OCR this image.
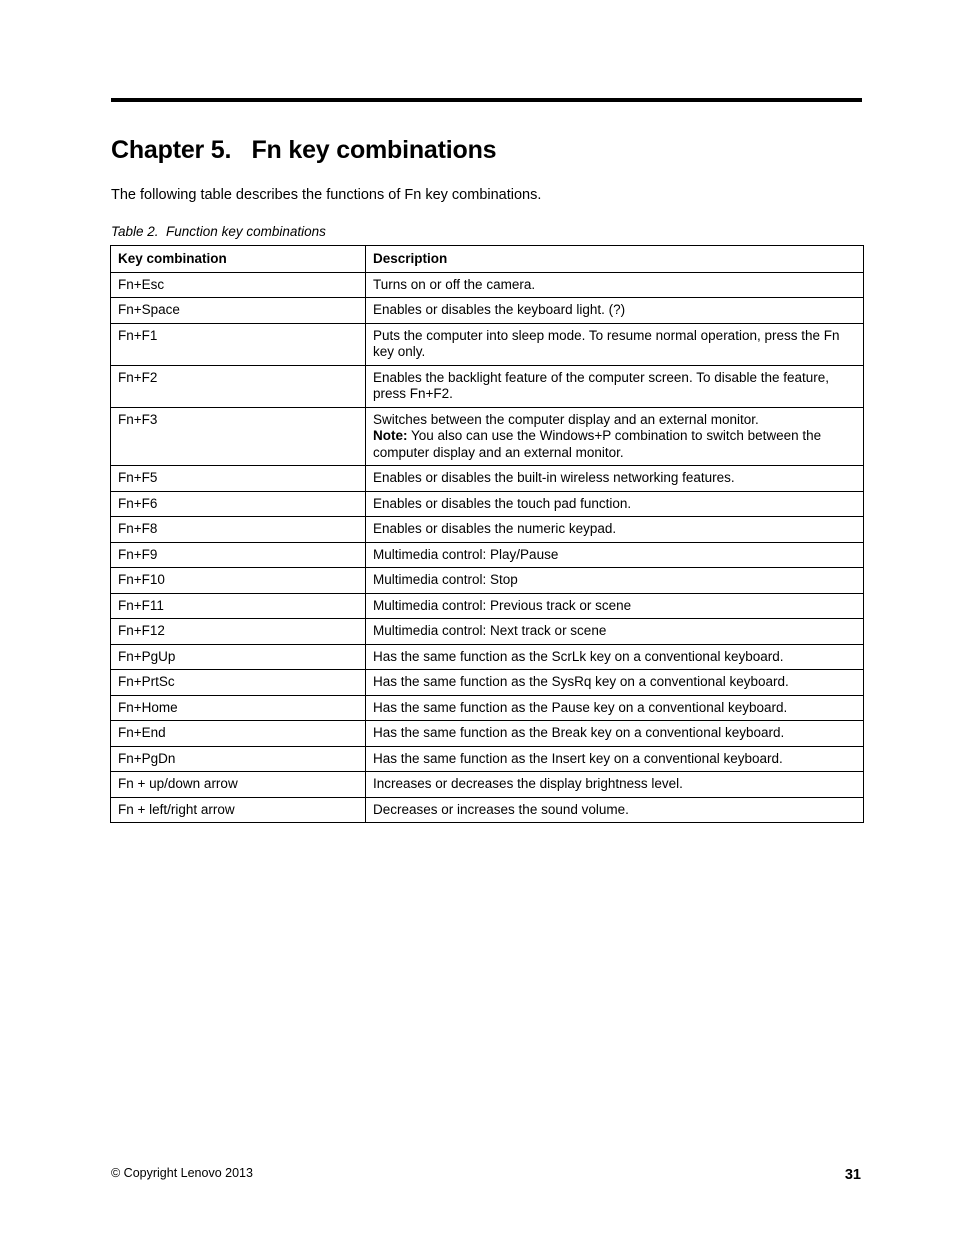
Chapter 5.   Fn key combinations
The following table describes the functions of Fn key combinations.
Table 2.  Function key combinations
Key combination	Description
Fn+Esc	Turns on or off the camera.
Fn+Space	Enables or disables the keyboard light. (?)
Fn+F1	Puts the computer into sleep mode. To resume normal operation, press the Fn key only.
Fn+F2	Enables the backlight feature of the computer screen. To disable the feature, press Fn+F2.
Fn+F3	Switches between the computer display and an external monitor.
Note: You also can use the Windows+P combination to switch between the computer display and an external monitor.

Fn+F5	Enables or disables the built-in wireless networking features.
Fn+F6	Enables or disables the touch pad function.
Fn+F8	Enables or disables the numeric keypad.
Fn+F9	Multimedia control: Play/Pause
Fn+F10	Multimedia control: Stop
Fn+F11	Multimedia control: Previous track or scene
Fn+F12	Multimedia control: Next track or scene
Fn+PgUp	Has the same function as the ScrLk key on a conventional keyboard.
Fn+PrtSc	Has the same function as the SysRq key on a conventional keyboard.
Fn+Home	Has the same function as the Pause key on a conventional keyboard.
Fn+End	Has the same function as the Break key on a conventional keyboard.
Fn+PgDn	Has the same function as the Insert key on a conventional keyboard.
Fn + up/down arrow	Increases or decreases the display brightness level.
Fn + left/right arrow	Decreases or increases the sound volume.
© Copyright Lenovo 2013	31
